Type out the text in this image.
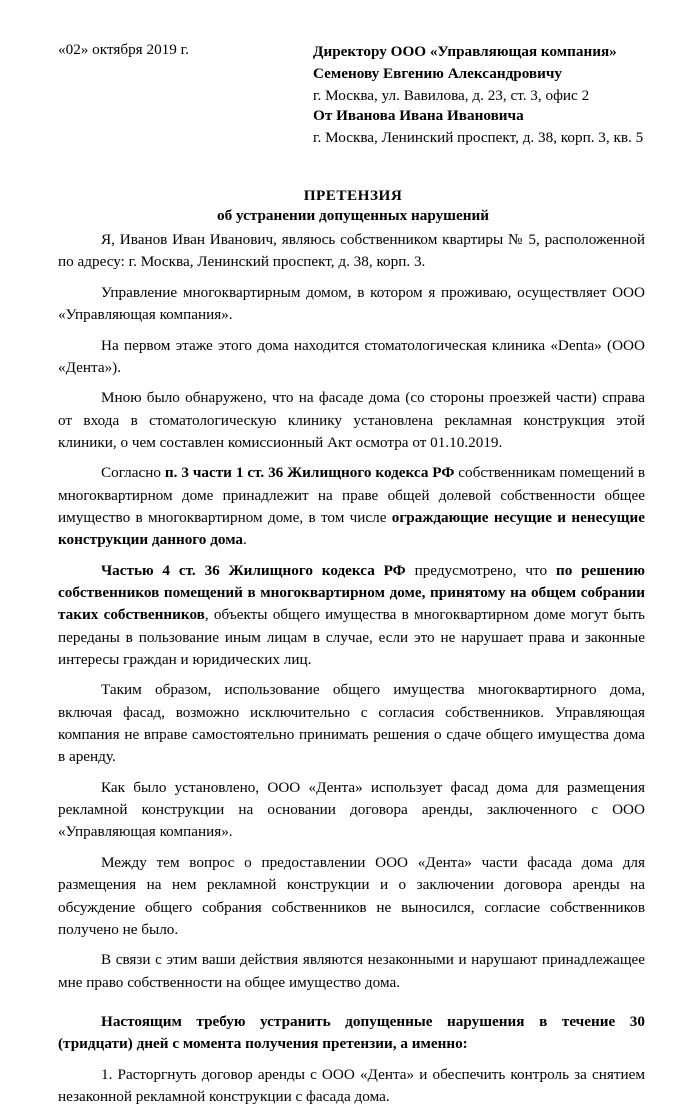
«02» октября 2019 г.	Директору ООО «Управляющая компания»
Семенову Евгению Александровичу
г. Москва, ул. Вавилова, д. 23, ст. 3, офис 2
От Иванова Ивана Ивановича
г. Москва, Ленинский проспект, д. 38, корп. 3, кв. 5
ПРЕТЕНЗИЯ
об устранении допущенных нарушений

Я, Иванов Иван Иванович, являюсь собственником квартиры № 5, расположенной по адресу: г. Москва, Ленинский проспект, д. 38, корп. 3.

Управление многоквартирным домом, в котором я проживаю, осуществляет ООО «Управляющая компания».

На первом этаже этого дома находится стоматологическая клиника «Denta» (ООО «Дента»).

Мною было обнаружено, что на фасаде дома (со стороны проезжей части) справа от входа в стоматологическую клинику установлена рекламная конструкция этой клиники, о чем составлен комиссионный Акт осмотра от 01.10.2019.

Согласно п. 3 части 1 ст. 36 Жилищного кодекса РФ собственникам помещений в многоквартирном доме принадлежит на праве общей долевой собственности общее имущество в многоквартирном доме, в том числе ограждающие несущие и ненесущие конструкции данного дома.

Частью 4 ст. 36 Жилищного кодекса РФ предусмотрено, что по решению собственников помещений в многоквартирном доме, принятому на общем собрании таких собственников, объекты общего имущества в многоквартирном доме могут быть переданы в пользование иным лицам в случае, если это не нарушает права и законные интересы граждан и юридических лиц.

Таким образом, использование общего имущества многоквартирного дома, включая фасад, возможно исключительно с согласия собственников. Управляющая компания не вправе самостоятельно принимать решения о сдаче общего имущества дома в аренду.

Как было установлено, ООО «Дента» использует фасад дома для размещения рекламной конструкции на основании договора аренды, заключенного с ООО «Управляющая компания».

Между тем вопрос о предоставлении ООО «Дента» части фасада дома для размещения на нем рекламной конструкции и о заключении договора аренды на обсуждение общего собрания собственников не выносился, согласие собственников получено не было.

В связи с этим ваши действия являются незаконными и нарушают принадлежащее мне право собственности на общее имущество дома.

Настоящим требую устранить допущенные нарушения в течение 30 (тридцати) дней с момента получения претензии, а именно:

1. Расторгнуть договор аренды с ООО «Дента» и обеспечить контроль за снятием незаконной рекламной конструкции с фасада дома.
